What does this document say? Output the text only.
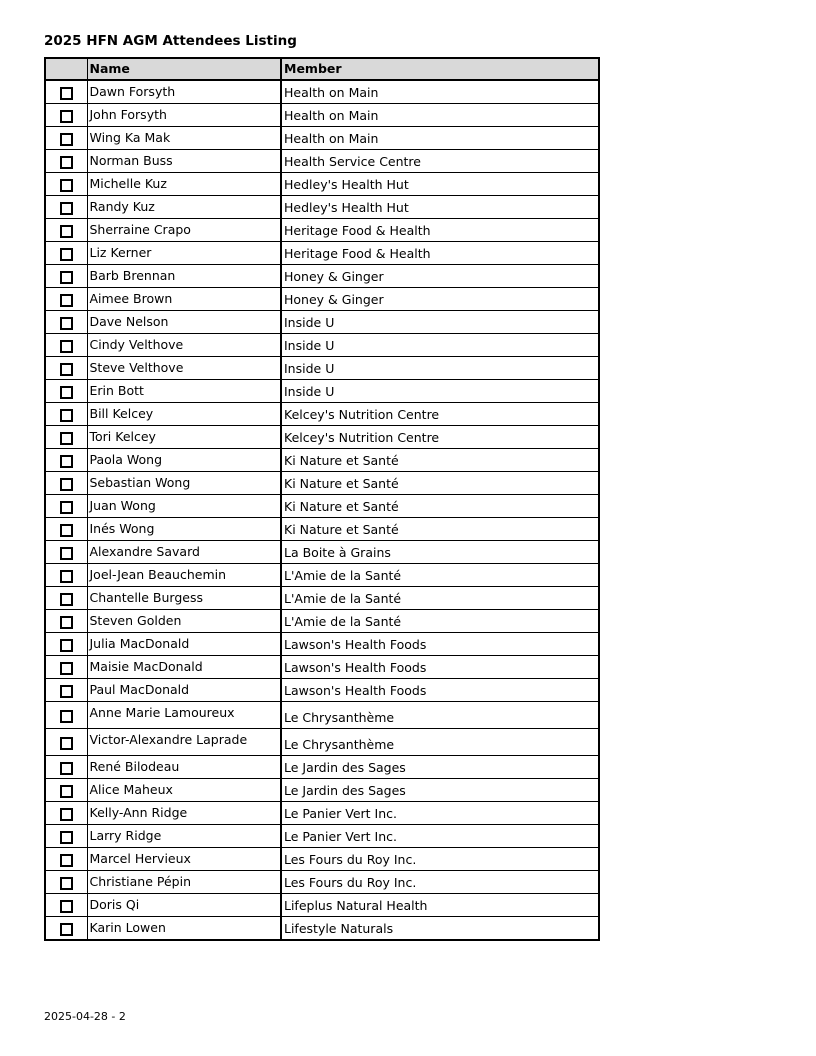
2025 HFN AGM Attendees Listing
	Name	Member
	Dawn Forsyth	Health on Main
	John Forsyth	Health on Main
	Wing Ka Mak	Health on Main
	Norman Buss	Health Service Centre
	Michelle Kuz	Hedley's Health Hut
	Randy Kuz	Hedley's Health Hut
	Sherraine Crapo	Heritage Food & Health
	Liz Kerner	Heritage Food & Health
	Barb Brennan	Honey & Ginger
	Aimee Brown	Honey & Ginger
	Dave Nelson	Inside U
	Cindy Velthove	Inside U
	Steve Velthove	Inside U
	Erin Bott	Inside U
	Bill Kelcey	Kelcey's Nutrition Centre
	Tori Kelcey	Kelcey's Nutrition Centre
	Paola Wong	Ki Nature et Santé
	Sebastian Wong	Ki Nature et Santé
	Juan Wong	Ki Nature et Santé
	Inés Wong	Ki Nature et Santé
	Alexandre Savard	La Boite à Grains
	Joel-Jean Beauchemin	L'Amie de la Santé
	Chantelle Burgess	L'Amie de la Santé
	Steven Golden	L'Amie de la Santé
	Julia MacDonald	Lawson's Health Foods
	Maisie MacDonald	Lawson's Health Foods
	Paul MacDonald	Lawson's Health Foods
	Anne Marie Lamoureux	Le Chrysanthème
	Victor-Alexandre Laprade	Le Chrysanthème
	René Bilodeau	Le Jardin des Sages
	Alice Maheux	Le Jardin des Sages
	Kelly-Ann Ridge	Le Panier Vert Inc.
	Larry Ridge	Le Panier Vert Inc.
	Marcel Hervieux	Les Fours du Roy Inc.
	Christiane Pépin	Les Fours du Roy Inc.
	Doris Qi	Lifeplus Natural Health
	Karin Lowen	Lifestyle Naturals
2025-04-28 - 2
